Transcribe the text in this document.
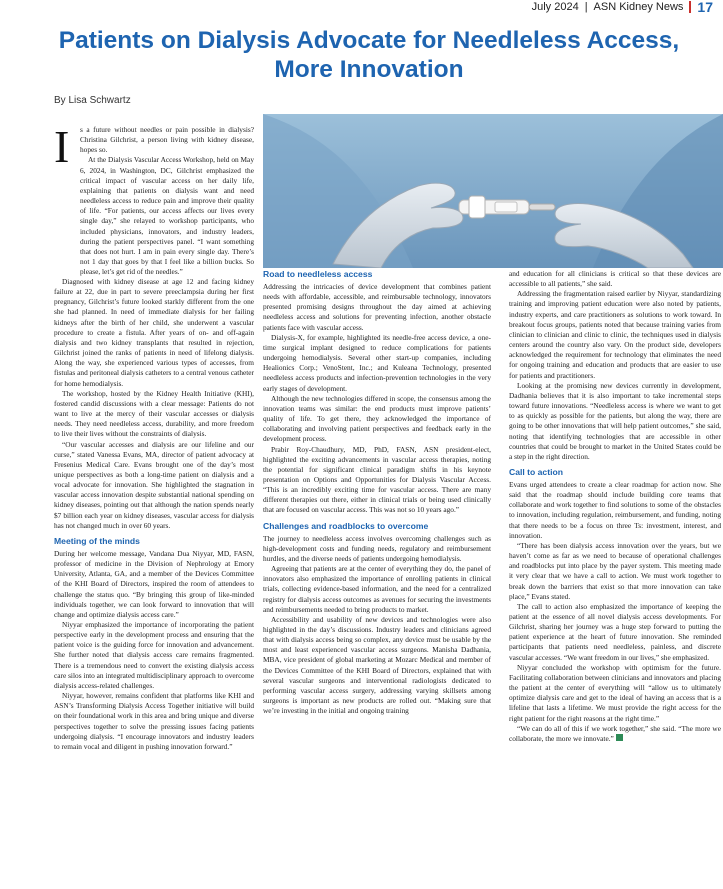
July 2024 | ASN Kidney News 17
Patients on Dialysis Advocate for Needleless Access, More Innovation
By Lisa Schwartz
I s a future without needles or pain possible in dialysis? Christina Gilchrist, a person living with kidney disease, hopes so.

At the Dialysis Vascular Access Workshop, held on May 6, 2024, in Washington, DC, Gilchrist emphasized the critical impact of vascular access on her daily life, explaining that patients on dialysis want and need needleless access to reduce pain and improve their quality of life. “For patients, our access affects our lives every single day,” she relayed to workshop participants, who included physicians, innovators, and industry leaders, during the patient perspectives panel. “I want something that does not hurt. I am in pain every single day. There’s not 1 day that goes by that I feel like a billion bucks. So please, let’s get rid of the needles.”

Diagnosed with kidney disease at age 12 and facing kidney failure at 22, due in part to severe preeclampsia during her first pregnancy, Gilchrist’s future looked starkly different from the one she had planned. In need of immediate dialysis for her failing kidneys after the birth of her child, she underwent a vascular procedure to create a fistula. After years of on- and off-again dialysis and two kidney transplants that resulted in rejection, Gilchrist joined the ranks of patients in need of lifelong dialysis. Along the way, she experienced various types of accesses, from fistulas and peritoneal dialysis catheters to a central venous catheter for home hemodialysis.

The workshop, hosted by the Kidney Health Initiative (KHI), fostered candid discussions with a clear message: Patients do not want to live at the mercy of their vascular accesses or dialysis needs. They need needleless access, durability, and more freedom to live their lives without the constraints of dialysis.

“Our vascular accesses and dialysis are our lifeline and our curse,” stated Vanessa Evans, MA, director of patient advocacy at Fresenius Medical Care. Evans brought one of the day’s most unique perspectives as both a long-time patient on dialysis and a vocal advocate for innovation. She highlighted the stagnation in vascular access innovation despite substantial national spending on kidney diseases, pointing out that although the nation spends nearly $7 billion each year on kidney diseases, vascular access for dialysis has not changed much in over 60 years.

Meeting of the minds

During her welcome message, Vandana Dua Niyyar, MD, FASN, professor of medicine in the Division of Nephrology at Emory University, Atlanta, GA, and a member of the Devices Committee of the KHI Board of Directors, inspired the room of attendees to challenge the status quo. “By bringing this group of like-minded individuals together, we can look forward to innovation that will change and optimize dialysis access care.”

Niyyar emphasized the importance of incorporating the patient perspective early in the development process and ensuring that the patient voice is the guiding force for innovation and advancement. She further noted that dialysis access care remains fragmented. There is a tremendous need to convert the existing dialysis access care silos into an integrated multidisciplinary approach to overcome dialysis access-related challenges.

Niyyar, however, remains confident that platforms like KHI and ASN’s Transforming Dialysis Access Together initiative will build on their foundational work in this area and bring unique and diverse perspectives together to solve the pressing issues facing patients undergoing dialysis. “I encourage innovators and industry leaders to remain vocal and diligent in pushing innovation forward.”

Road to needleless access

Addressing the intricacies of device development that combines patient needs with affordable, accessible, and reimbursable technology, innovators presented promising designs throughout the day aimed at achieving needleless access and solutions for preventing infection, another obstacle patients face with vascular access.

Dialysis-X, for example, highlighted its needle-free access device, a one-time surgical implant designed to reduce complications for patients undergoing hemodialysis. Several other start-up companies, including Healionics Corp.; VenoStent, Inc.; and Kuleana Technology, presented needleless access products and infection-prevention technologies in the very early stages of development.

Although the new technologies differed in scope, the consensus among the innovation teams was similar: the end products must improve patients’ quality of life. To get there, they acknowledged the importance of collaborating and involving patient perspectives and feedback early in the development process.

Prabir Roy-Chaudhury, MD, PhD, FASN, ASN president-elect, highlighted the exciting advancements in vascular access therapies, noting the potential for significant clinical paradigm shifts in his keynote presentation on Options and Opportunities for Dialysis Vascular Access. “This is an incredibly exciting time for vascular access. There are many different therapies out there, either in clinical trials or being used clinically that are focused on vascular access. This was not so 10 years ago.”

Challenges and roadblocks to overcome

The journey to needleless access involves overcoming challenges such as high-development costs and funding needs, regulatory and reimbursement hurdles, and the diverse needs of patients undergoing hemodialysis.

Agreeing that patients are at the center of everything they do, the panel of innovators also emphasized the importance of enrolling patients in clinical trials, collecting evidence-based information, and the need for a centralized registry for dialysis access outcomes as avenues for securing the investments and reimbursements needed to bring products to market.

Accessibility and usability of new devices and technologies were also highlighted in the day’s discussions. Industry leaders and clinicians agreed that with dialysis access being so complex, any device must be usable by the most and least experienced vascular access surgeons. Manisha Dadhania, MBA, vice president of global marketing at Mozarc Medical and member of the Devices Committee of the KHI Board of Directors, explained that with several vascular surgeons and interventional radiologists dedicated to performing vascular access surgery, addressing varying skillsets among surgeons is important as new products are rolled out. “Making sure that we’re investing in the initial and ongoing training

and education for all clinicians is critical so that these devices are accessible to all patients,” she said.

Addressing the fragmentation raised earlier by Niyyar, standardizing training and improving patient education were also noted by patients, industry experts, and care practitioners as solutions to work toward. In breakout focus groups, patients noted that because training varies from clinician to clinician and clinic to clinic, the techniques used in dialysis centers around the country also vary. On the product side, developers acknowledged the requirement for technology that eliminates the need for ongoing training and education and products that are easier to use for patients and practitioners.

Looking at the promising new devices currently in development, Dadhania believes that it is also important to take incremental steps toward future innovations. “Needleless access is where we want to get to as quickly as possible for the patients, but along the way, there are going to be other innovations that will help patient outcomes,” she said, noting that identifying technologies that are accessible in other countries that could be brought to market in the United States could be a step in the right direction.

Call to action

Evans urged attendees to create a clear roadmap for action now. She said that the roadmap should include building core teams that collaborate and work together to find solutions to some of the obstacles to innovation, including regulation, reimbursement, and funding, noting that there needs to be a focus on three Ts: investment, interest, and innovation.

“There has been dialysis access innovation over the years, but we haven’t come as far as we need to because of operational challenges and roadblocks put into place by the payer system. This meeting made it very clear that we have a call to action. We must work together to break down the barriers that exist so that more innovation can take place,” Evans stated.

The call to action also emphasized the importance of keeping the patient at the essence of all novel dialysis access developments. For Gilchrist, sharing her journey was a huge step forward to putting the patient experience at the heart of future innovation. She reminded participants that patients need needleless, painless, and discrete vascular accesses. “We want freedom in our lives,” she emphasized.

Niyyar concluded the workshop with optimism for the future. Facilitating collaboration between clinicians and innovators and placing the patient at the center of everything will “allow us to ultimately optimize dialysis care and get to the ideal of having an access that is a lifeline that lasts a lifetime. We must provide the right access for the right patient for the right reasons at the right time.”

“We can do all of this if we work together,” she said. “The more we collaborate, the more we innovate.”
